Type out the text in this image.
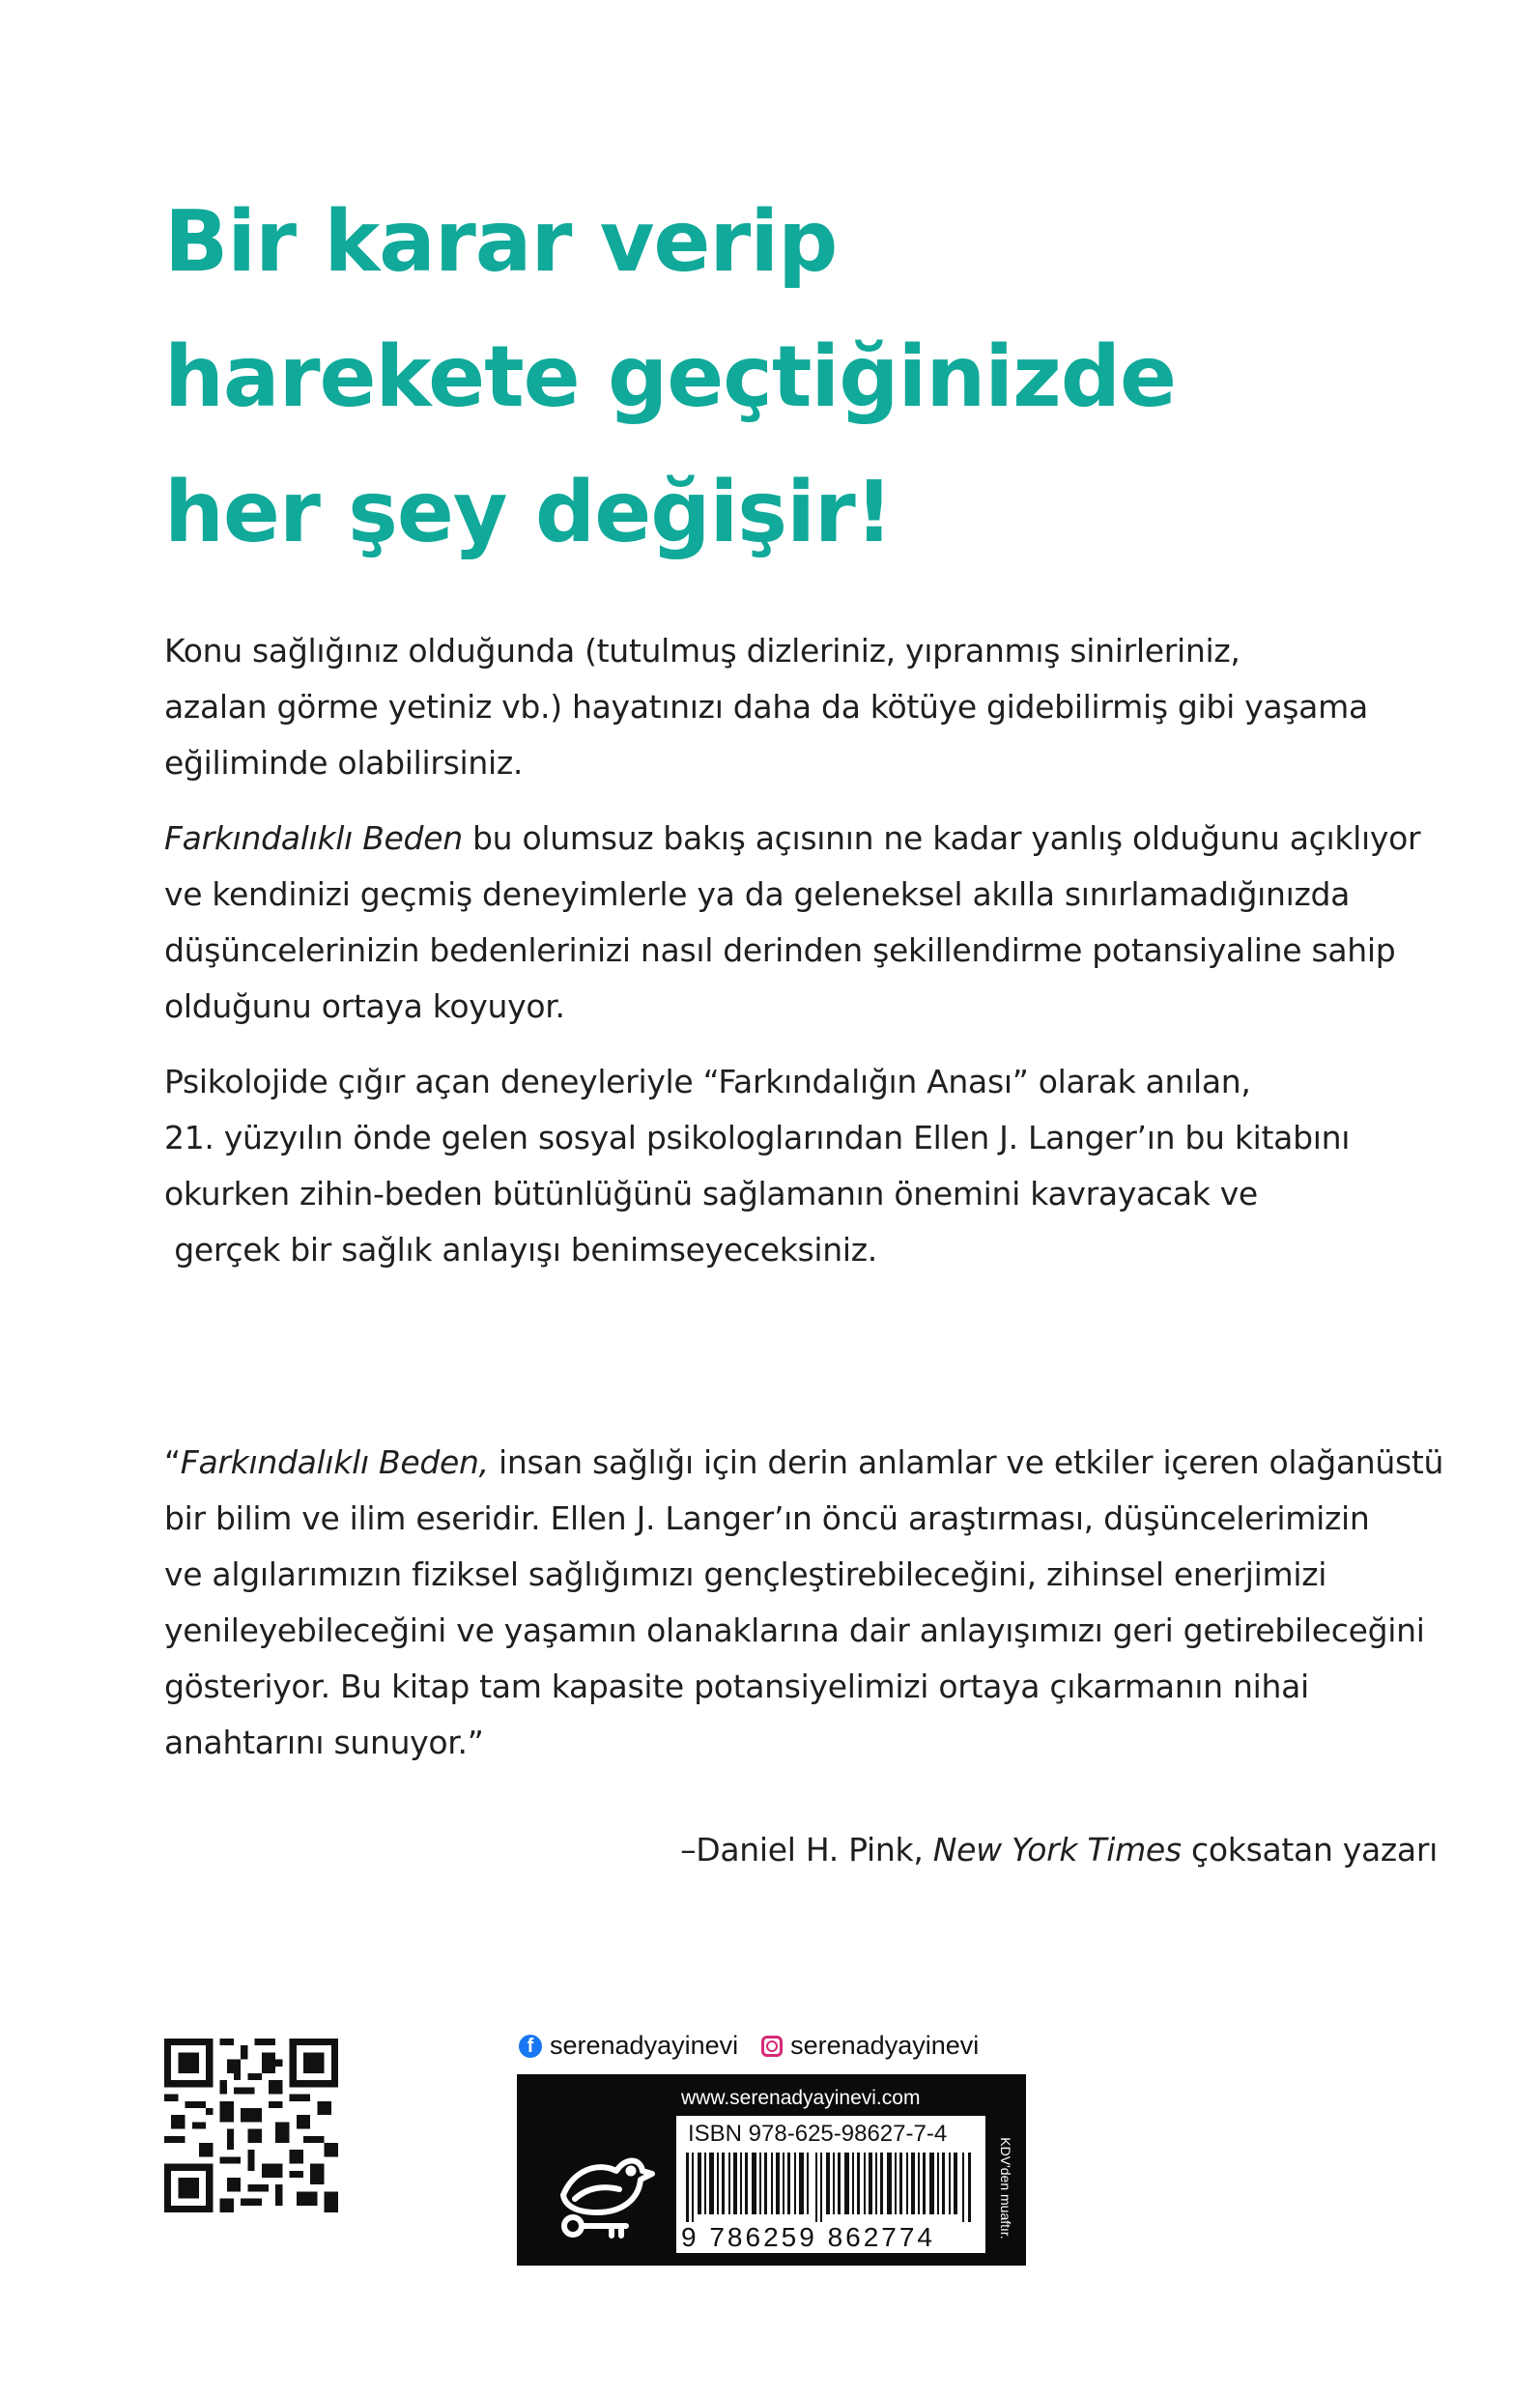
Bir karar verip
harekete geçtiğinizde
her şey değişir!
Konu sağlığınız olduğunda (tutulmuş dizleriniz, yıpranmış sinirleriniz,
azalan görme yetiniz vb.) hayatınızı daha da kötüye gidebilirmiş gibi yaşama
eğiliminde olabilirsiniz.
Farkındalıklı Beden bu olumsuz bakış açısının ne kadar yanlış olduğunu açıklıyor
ve kendinizi geçmiş deneyimlerle ya da geleneksel akılla sınırlamadığınızda
düşüncelerinizin bedenlerinizi nasıl derinden şekillendirme potansiyaline sahip
olduğunu ortaya koyuyor.
Psikolojide çığır açan deneyleriyle “Farkındalığın Anası” olarak anılan,
21. yüzyılın önde gelen sosyal psikologlarından Ellen J. Langer’ın bu kitabını
okurken zihin-beden bütünlüğünü sağlamanın önemini kavrayacak ve
gerçek bir sağlık anlayışı benimseyeceksiniz.
“Farkındalıklı Beden, insan sağlığı için derin anlamlar ve etkiler içeren olağanüstü
bir bilim ve ilim eseridir. Ellen J. Langer’ın öncü araştırması, düşüncelerimizin
ve algılarımızın fiziksel sağlığımızı gençleştirebileceğini, zihinsel enerjimizi
yenileyebileceğini ve yaşamın olanaklarına dair anlayışımızı geri getirebileceğini
gösteriyor. Bu kitap tam kapasite potansiyelimizi ortaya çıkarmanın nihai
anahtarını sunuyor.”
–Daniel H. Pink, New York Times çoksatan yazarı
f serenadyayinevi serenadyayinevi
www.serenadyayinevi.com
ISBN 978-625-98627-7-4
9 786259 862774	KDV'den muaftır.
